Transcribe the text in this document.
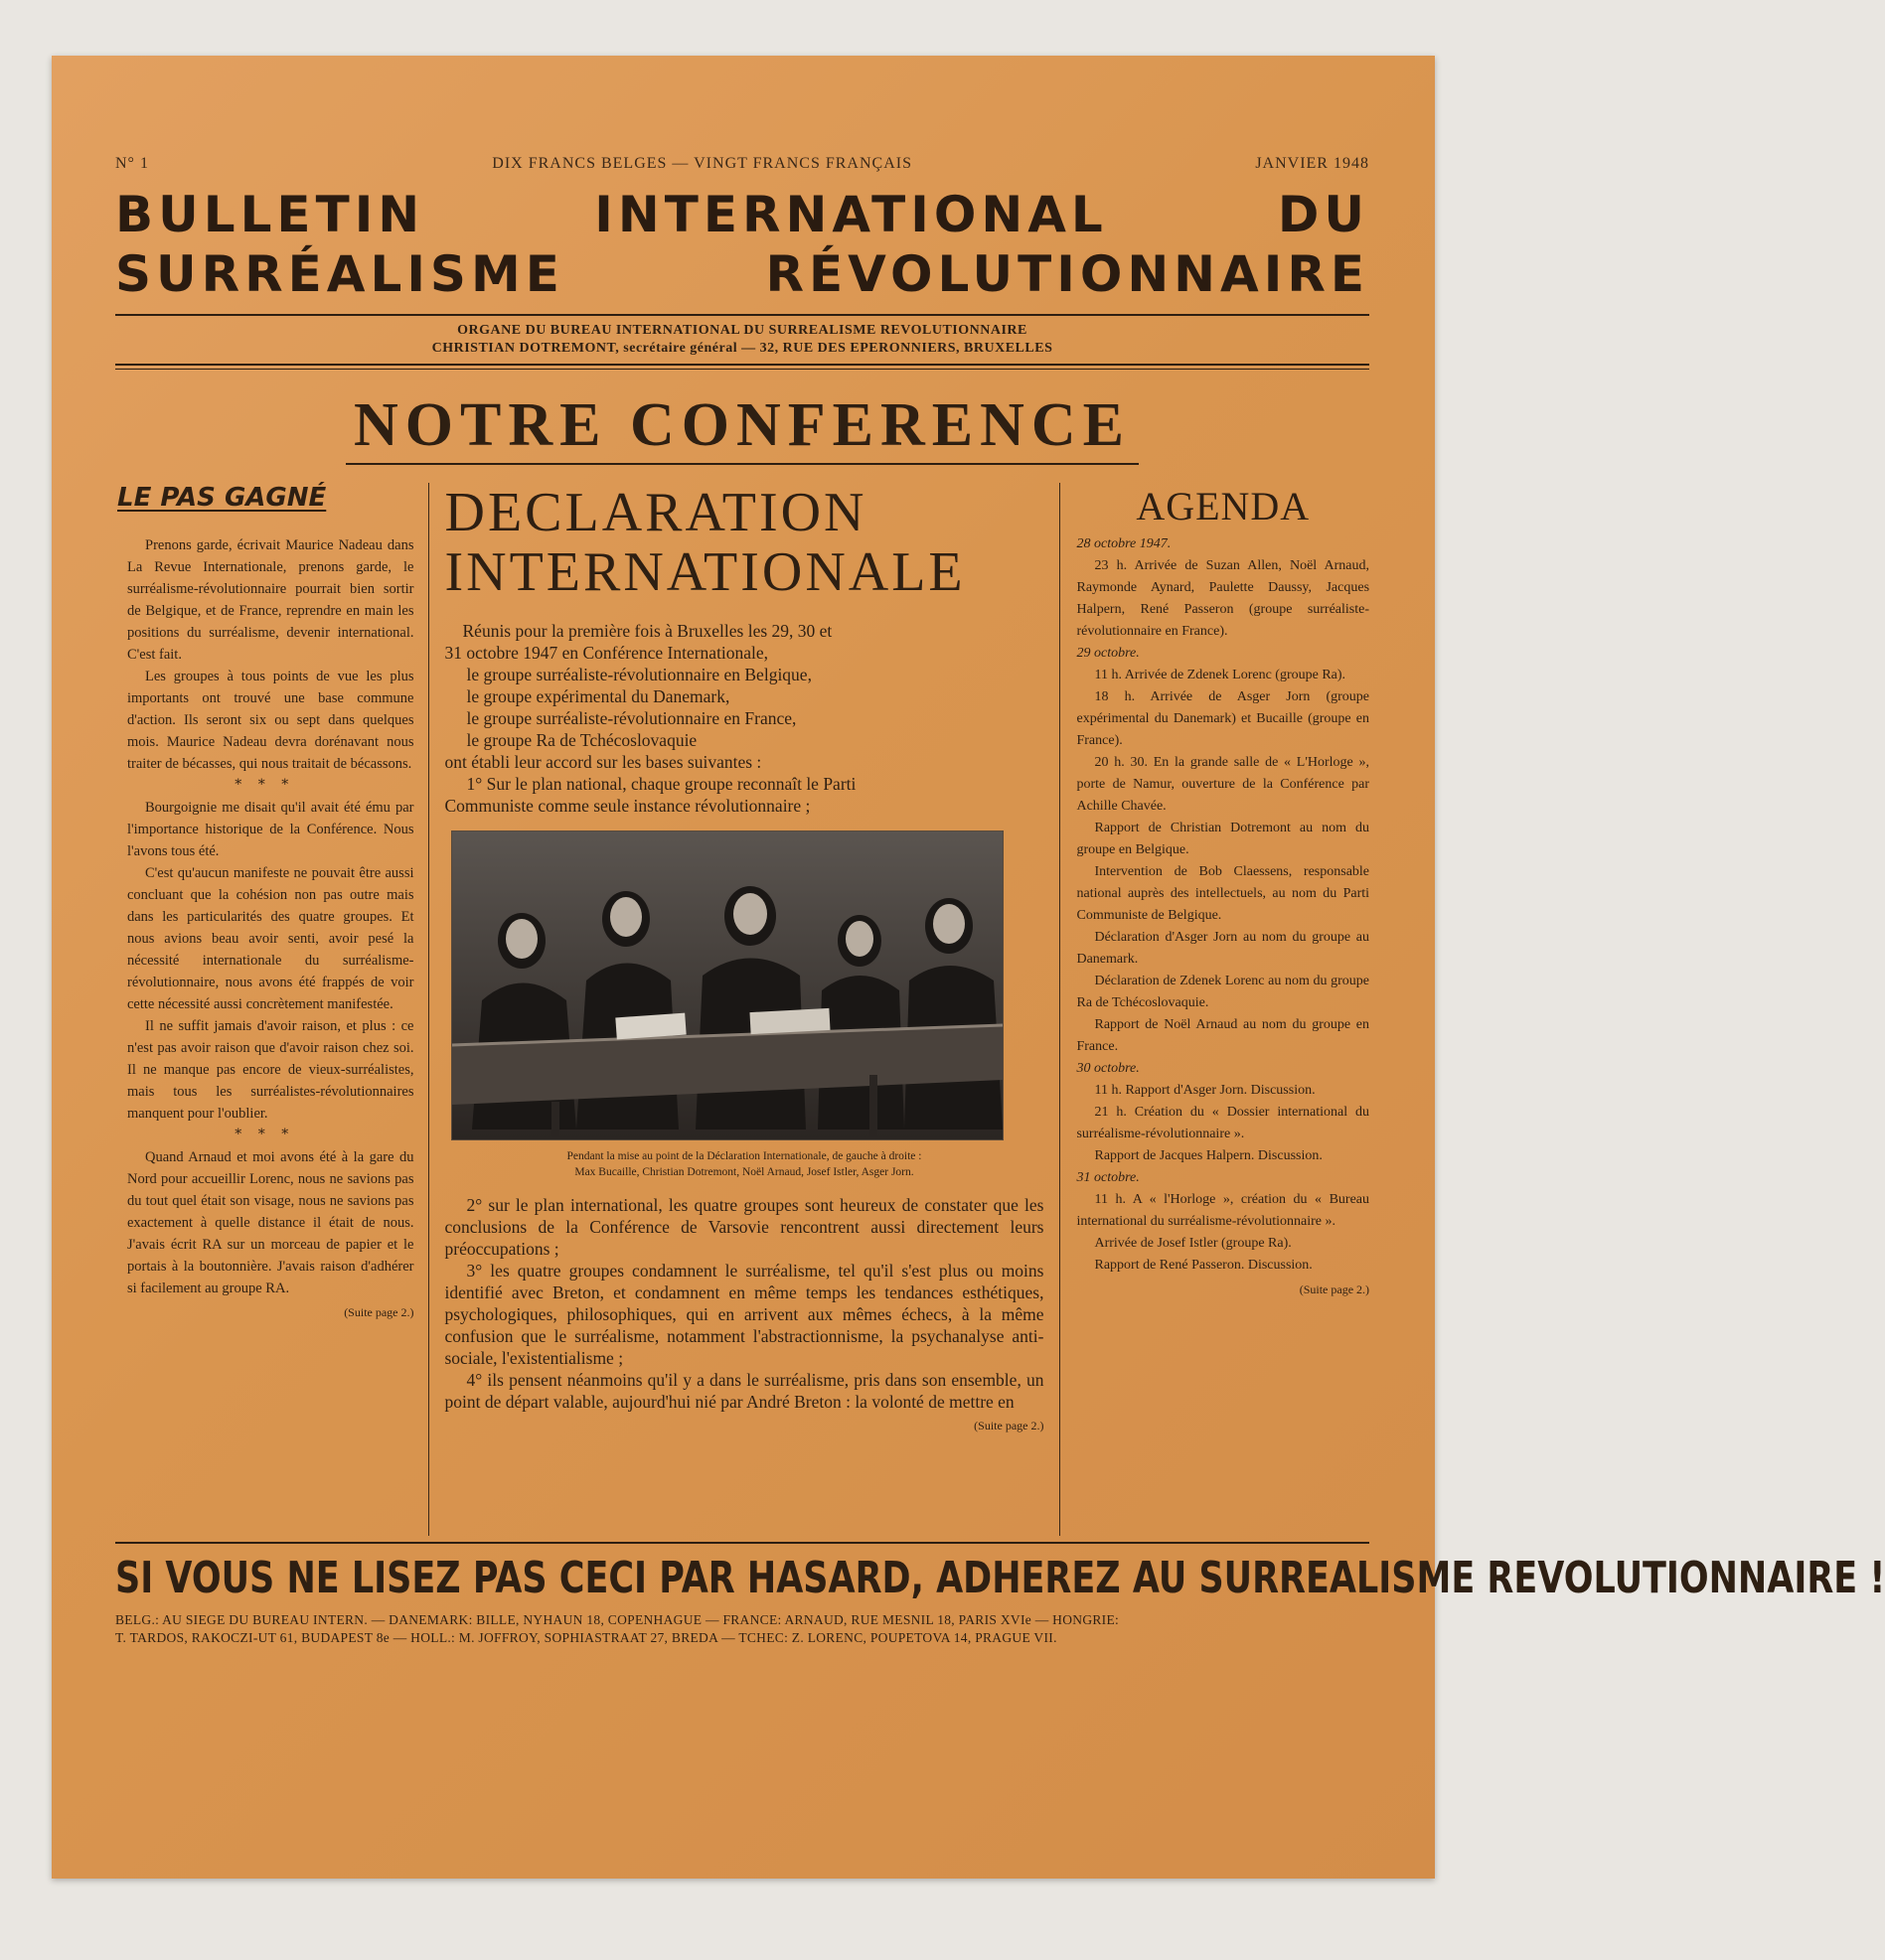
N° 1	DIX FRANCS BELGES — VINGT FRANCS FRANÇAIS	JANVIER 1948
BULLETIN	INTERNATIONAL	DU
SURRÉALISME	RÉVOLUTIONNAIRE
ORGANE DU BUREAU INTERNATIONAL DU SURREALISME REVOLUTIONNAIRE
CHRISTIAN DOTREMONT, secrétaire général — 32, RUE DES EPERONNIERS, BRUXELLES
NOTRE CONFERENCE
LE PAS GAGNÉ

Prenons garde, écrivait Maurice Nadeau dans La Revue Internationale, prenons garde, le surréalisme-révolutionnaire pourrait bien sortir de Belgique, et de France, reprendre en main les positions du surréalisme, devenir international. C'est fait.

Les groupes à tous points de vue les plus importants ont trouvé une base commune d'action. Ils seront six ou sept dans quelques mois. Maurice Nadeau devra dorénavant nous traiter de bécasses, qui nous traitait de bécassons.

* * *

Bourgoignie me disait qu'il avait été ému par l'importance historique de la Conférence. Nous l'avons tous été.

C'est qu'aucun manifeste ne pouvait être aussi concluant que la cohésion non pas outre mais dans les particularités des quatre groupes. Et nous avions beau avoir senti, avoir pesé la nécessité internationale du surréalisme-révolutionnaire, nous avons été frappés de voir cette nécessité aussi concrètement manifestée.

Il ne suffit jamais d'avoir raison, et plus : ce n'est pas avoir raison que d'avoir raison chez soi. Il ne manque pas encore de vieux-surréalistes, mais tous les surréalistes-révolutionnaires manquent pour l'oublier.

* * *

Quand Arnaud et moi avons été à la gare du Nord pour accueillir Lorenc, nous ne savions pas du tout quel était son visage, nous ne savions pas exactement à quelle distance il était de nous. J'avais écrit RA sur un morceau de papier et le portais à la boutonnière. J'avais raison d'adhérer si facilement au groupe RA.

(Suite page 2.)
DECLARATION
INTERNATIONALE
Réunis pour la première fois à Bruxelles les 29, 30 et
31 octobre 1947 en Conférence Internationale,
le groupe surréaliste-révolutionnaire en Belgique,
le groupe expérimental du Danemark,
le groupe surréaliste-révolutionnaire en France,
le groupe Ra de Tchécoslovaquie
ont établi leur accord sur les bases suivantes :
1° Sur le plan national, chaque groupe reconnaît le Parti
Communiste comme seule instance révolutionnaire ;
Pendant la mise au point de la Déclaration Internationale, de gauche à droite :
Max Bucaille, Christian Dotremont, Noël Arnaud, Josef Istler, Asger Jorn.

2° sur le plan international, les quatre groupes sont heureux de constater que les conclusions de la Conférence de Varsovie rencontrent aussi directement leurs préoccupations ;

3° les quatre groupes condamnent le surréalisme, tel qu'il s'est plus ou moins identifié avec Breton, et condamnent en même temps les tendances esthétiques, psychologiques, philosophiques, qui en arrivent aux mêmes échecs, à la même confusion que le surréalisme, notamment l'abstractionnisme, la psychanalyse anti-sociale, l'existentialisme ;

4° ils pensent néanmoins qu'il y a dans le surréalisme, pris dans son ensemble, un point de départ valable, aujourd'hui nié par André Breton : la volonté de mettre en

(Suite page 2.)
AGENDA
28 octobre 1947.
23 h. Arrivée de Suzan Allen, Noël Arnaud, Raymonde Aynard, Paulette Daussy, Jacques Halpern, René Passeron (groupe surréaliste-révolutionnaire en France).
29 octobre.
11 h. Arrivée de Zdenek Lorenc (groupe Ra).
18 h. Arrivée de Asger Jorn (groupe expérimental du Danemark) et Bucaille (groupe en France).
20 h. 30. En la grande salle de « L'Horloge », porte de Namur, ouverture de la Conférence par Achille Chavée.
Rapport de Christian Dotremont au nom du groupe en Belgique.
Intervention de Bob Claessens, responsable national auprès des intellectuels, au nom du Parti Communiste de Belgique.
Déclaration d'Asger Jorn au nom du groupe au Danemark.
Déclaration de Zdenek Lorenc au nom du groupe Ra de Tchécoslovaquie.
Rapport de Noël Arnaud au nom du groupe en France.
30 octobre.
11 h. Rapport d'Asger Jorn. Discussion.
21 h. Création du « Dossier international du surréalisme-révolutionnaire ».
Rapport de Jacques Halpern. Discussion.
31 octobre.
11 h. A « l'Horloge », création du « Bureau international du surréalisme-révolutionnaire ».
Arrivée de Josef Istler (groupe Ra).
Rapport de René Passeron. Discussion.
(Suite page 2.)
SI VOUS NE LISEZ PAS CECI PAR HASARD, ADHEREZ AU SURREALISME REVOLUTIONNAIRE !
BELG.: AU SIEGE DU BUREAU INTERN. — DANEMARK: BILLE, NYHAUN 18, COPENHAGUE — FRANCE: ARNAUD, RUE MESNIL 18, PARIS XVIe — HONGRIE:
T. TARDOS, RAKOCZI-UT 61, BUDAPEST 8e — HOLL.: M. JOFFROY, SOPHIASTRAAT 27, BREDA — TCHEC: Z. LORENC, POUPETOVA 14, PRAGUE VII.
